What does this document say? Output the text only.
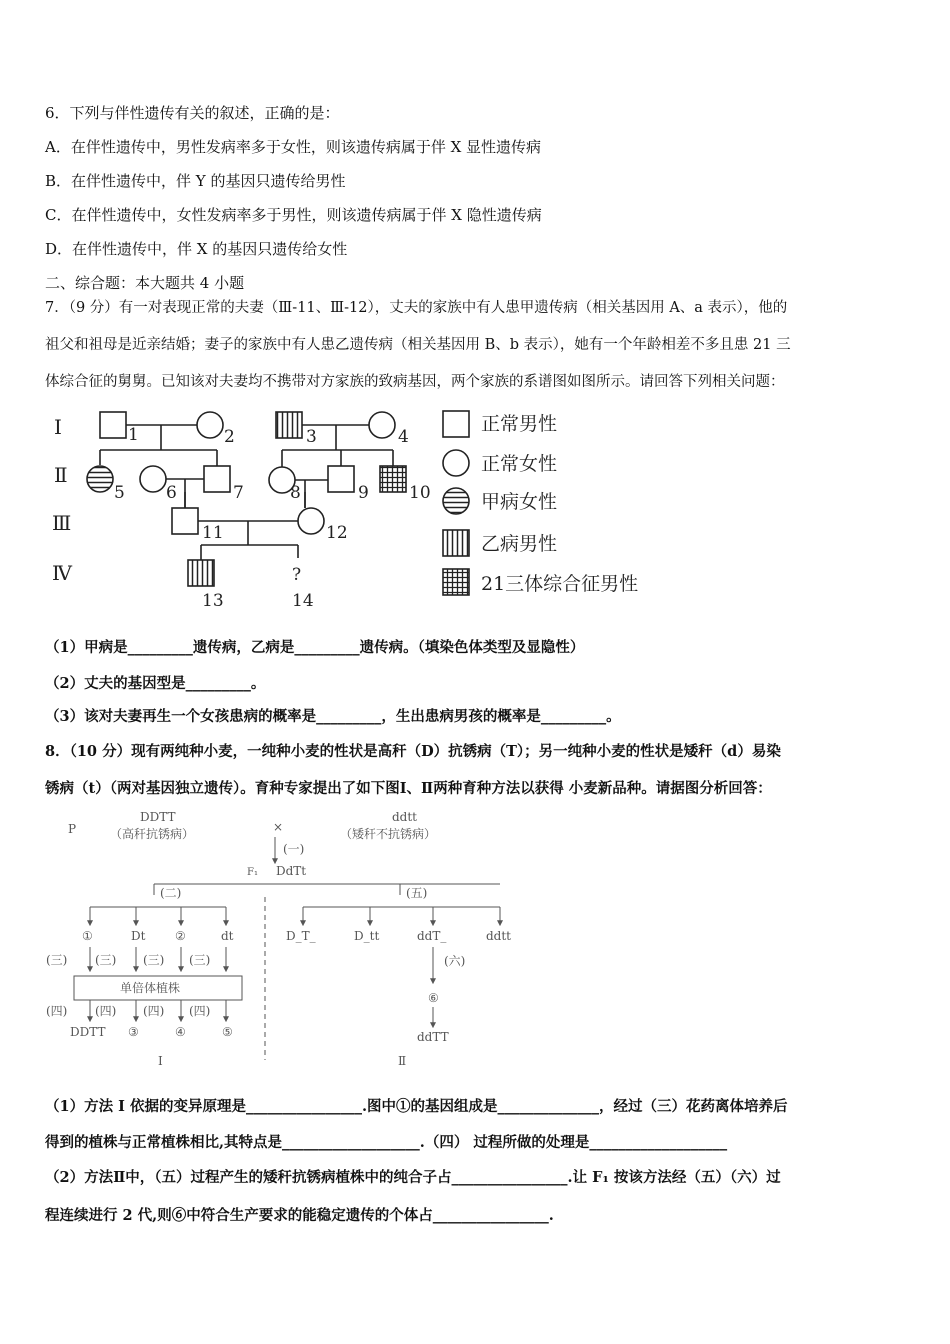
6．下列与伴性遗传有关的叙述，正确的是：
A．在伴性遗传中，男性发病率多于女性，则该遗传病属于伴 X 显性遗传病
B．在伴性遗传中，伴 Y 的基因只遗传给男性
C．在伴性遗传中，女性发病率多于男性，则该遗传病属于伴 X 隐性遗传病
D．在伴性遗传中，伴 X 的基因只遗传给女性
二、综合题：本大题共 4 小题
7．（9 分）有一对表现正常的夫妻（Ⅲ-11、Ⅲ-12），丈夫的家族中有人患甲遗传病（相关基因用 A、a 表示），他的
祖父和祖母是近亲结婚；妻子的家族中有人患乙遗传病（相关基因用 B、b 表示），她有一个年龄相差不多且患 21 三
体综合征的舅舅。已知该对夫妻均不携带对方家族的致病基因，两个家族的系谱图如图所示。请回答下列相关问题：
Ⅰ
Ⅱ
Ⅲ
Ⅳ
1	2	3	4
5 6	7	8	9 10
11	12
13
?
14
正常男性
正常女性
甲病女性
乙病男性
21三体综合征男性
（1）甲病是_________遗传病，乙病是_________遗传病。（填染色体类型及显隐性）
（2）丈夫的基因型是_________。
（3）该对夫妻再生一个女孩患病的概率是_________，生出患病男孩的概率是_________。
8．（10 分）现有两纯种小麦，一纯种小麦的性状是高秆（D）抗锈病（T）；另一纯种小麦的性状是矮秆（d）易染
锈病（t）（两对基因独立遗传）。育种专家提出了如下图Ⅰ、Ⅱ两种育种方法以获得 小麦新品种。请据图分析回答：
P
DDTT
（高秆抗锈病）	×
ddtt
（矮秆不抗锈病）
(一)
F₁ DdTt
(二)	(五)
①	Dt ②	dt
(三) (三) (三) (三)
单倍体植株
(四) (四) (四) (四)
DDTT ③	④	⑤
D_T_	D_tt	ddT_	ddtt
(六)
⑥
ddTT
Ⅰ	Ⅱ
（1）方法 I 依据的变异原理是________________.图中①的基因组成是______________，经过（三）花药离体培养后
得到的植株与正常植株相比,其特点是___________________.（四） 过程所做的处理是___________________
（2）方法Ⅱ中，（五）过程产生的矮秆抗锈病植株中的纯合子占________________.让 F₁ 按该方法经（五）（六）过
程连续进行 2 代,则⑥中符合生产要求的能稳定遗传的个体占________________.
